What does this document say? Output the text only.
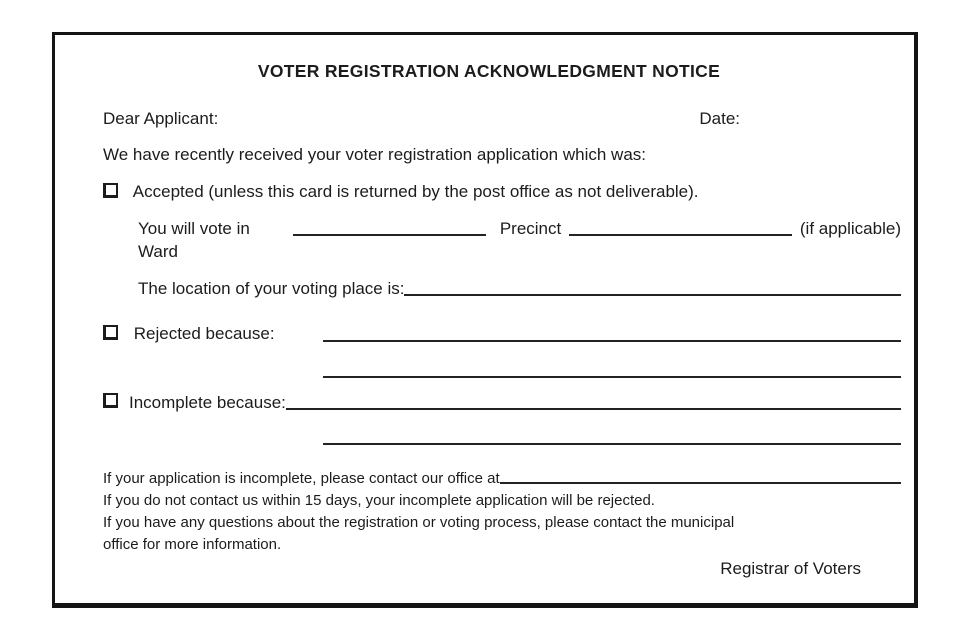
VOTER REGISTRATION ACKNOWLEDGMENT NOTICE
Dear Applicant:	Date:
We have recently received your voter registration application which was:
Accepted (unless this card is returned by the post office as not deliverable).
You will vote in Ward
Precinct	(if applicable)
The location of your voting place is:
Rejected because:
Incomplete because:
If your application is incomplete, please contact our office at
If you do not contact us within 15 days, your incomplete application will be rejected.
If you have any questions about the registration or voting process, please contact the municipal
office for more information.
Registrar of Voters
